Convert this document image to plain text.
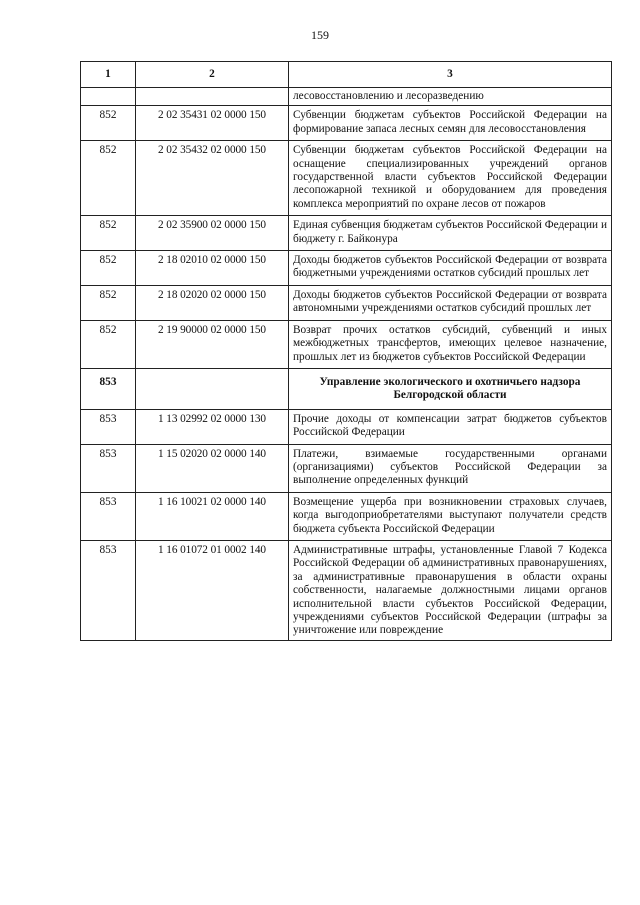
159
1	2	3
		лесовосстановлению и лесоразведению
852	2 02 35431 02 0000 150	Субвенции бюджетам субъектов Российской Федерации на формирование запаса лесных семян для лесовосстановления
852	2 02 35432 02 0000 150	Субвенции бюджетам субъектов Российской Федерации на оснащение специализированных учреждений органов государственной власти субъектов Российской Федерации лесопожарной техникой и оборудованием для проведения комплекса мероприятий по охране лесов от пожаров
852	2 02 35900 02 0000 150	Единая субвенция бюджетам субъектов Российской Федерации и бюджету г. Байконура
852	2 18 02010 02 0000 150	Доходы бюджетов субъектов Российской Федерации от возврата бюджетными учреждениями остатков субсидий прошлых лет
852	2 18 02020 02 0000 150	Доходы бюджетов субъектов Российской Федерации от возврата автономными учреждениями остатков субсидий прошлых лет
852	2 19 90000 02 0000 150	Возврат прочих остатков субсидий, субвенций и иных межбюджетных трансфертов, имеющих целевое назначение, прошлых лет из бюджетов субъектов Российской Федерации
853		Управление экологического и охотничьего надзора Белгородской области
853	1 13 02992 02 0000 130	Прочие доходы от компенсации затрат бюджетов субъектов Российской Федерации
853	1 15 02020 02 0000 140	Платежи, взимаемые государственными органами (организациями) субъектов Российской Федерации за выполнение определенных функций
853	1 16 10021 02 0000 140	Возмещение ущерба при возникновении страховых случаев, когда выгодоприобретателями выступают получатели средств бюджета субъекта Российской Федерации
853	1 16 01072 01 0002 140	Административные штрафы, установленные Главой 7 Кодекса Российской Федерации об административных правонарушениях, за административные правонарушения в области охраны собственности, налагаемые должностными лицами органов исполнительной власти субъектов Российской Федерации, учреждениями субъектов Российской Федерации (штрафы за уничтожение или повреждение
